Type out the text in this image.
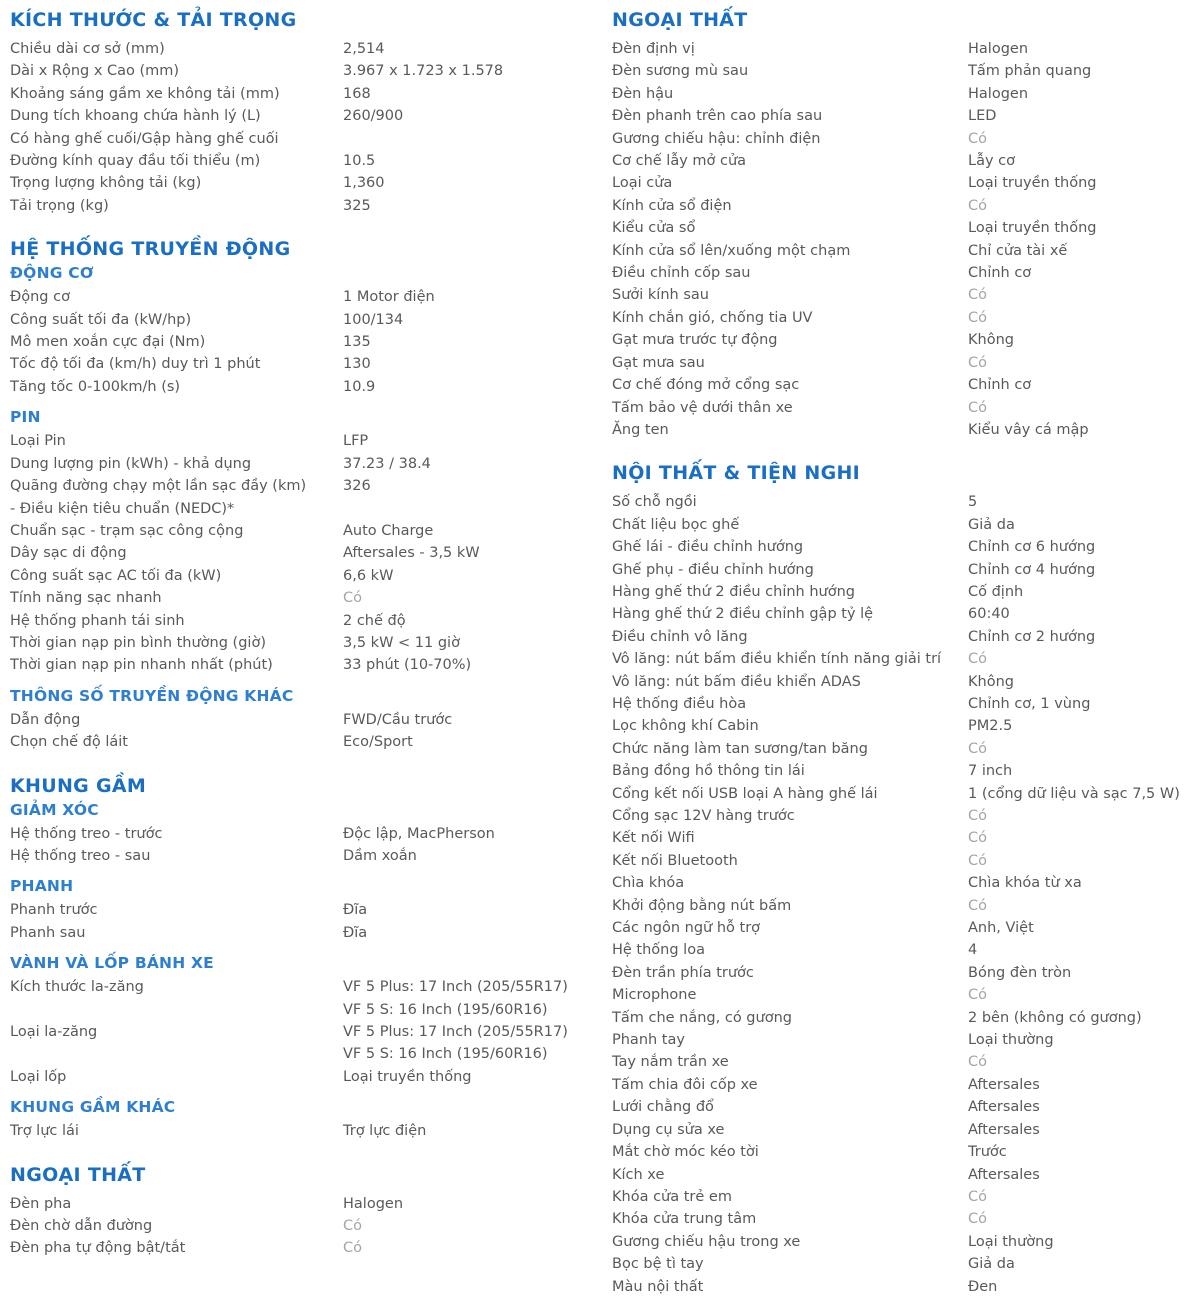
KÍCH THƯỚC & TẢI TRỌNG
Chiều dài cơ sở (mm)	2,514
Dài x Rộng x Cao (mm)	3.967 x 1.723 x 1.578
Khoảng sáng gầm xe không tải (mm)	168
Dung tích khoang chứa hành lý (L)	260/900
Có hàng ghế cuối/Gập hàng ghế cuối
Đường kính quay đầu tối thiểu (m)	10.5
Trọng lượng không tải (kg)	1,360
Tải trọng (kg)	325
HỆ THỐNG TRUYỀN ĐỘNG
ĐỘNG CƠ
Động cơ	1 Motor điện
Công suất tối đa (kW/hp)	100/134
Mô men xoắn cực đại (Nm)	135
Tốc độ tối đa (km/h) duy trì 1 phút	130
Tăng tốc 0-100km/h (s)	10.9
PIN
Loại Pin	LFP
Dung lượng pin (kWh) - khả dụng	37.23 / 38.4
Quãng đường chạy một lần sạc đầy (km)	326
- Điều kiện tiêu chuẩn (NEDC)*
Chuẩn sạc - trạm sạc công cộng	Auto Charge
Dây sạc di động	Aftersales - 3,5 kW
Công suất sạc AC tối đa (kW)	6,6 kW
Tính năng sạc nhanh	Có
Hệ thống phanh tái sinh	2 chế độ
Thời gian nạp pin bình thường (giờ)	3,5 kW < 11 giờ
Thời gian nạp pin nhanh nhất (phút)	33 phút (10-70%)
THÔNG SỐ TRUYỀN ĐỘNG KHÁC
Dẫn động	FWD/Cầu trước
Chọn chế độ láit	Eco/Sport
KHUNG GẦM
GIẢM XÓC
Hệ thống treo - trước	Độc lập, MacPherson
Hệ thống treo - sau	Dầm xoắn
PHANH
Phanh trước	Đĩa
Phanh sau	Đĩa
VÀNH VÀ LỐP BÁNH XE
Kích thước la-zăng	VF 5 Plus: 17 Inch (205/55R17)
VF 5 S: 16 Inch (195/60R16)
Loại la-zăng	VF 5 Plus: 17 Inch (205/55R17)
VF 5 S: 16 Inch (195/60R16)
Loại lốp	Loại truyền thống
KHUNG GẦM KHÁC
Trợ lực lái	Trợ lực điện
NGOẠI THẤT
Đèn pha	Halogen
Đèn chờ dẫn đường	Có
Đèn pha tự động bật/tắt	Có
NGOẠI THẤT
Đèn định vị	Halogen
Đèn sương mù sau	Tấm phản quang
Đèn hậu	Halogen
Đèn phanh trên cao phía sau	LED
Gương chiếu hậu: chỉnh điện	Có
Cơ chế lẫy mở cửa	Lẫy cơ
Loại cửa	Loại truyền thống
Kính cửa sổ điện	Có
Kiểu cửa sổ	Loại truyền thống
Kính cửa sổ lên/xuống một chạm	Chỉ cửa tài xế
Điều chỉnh cốp sau	Chỉnh cơ
Sưởi kính sau	Có
Kính chắn gió, chống tia UV	Có
Gạt mưa trước tự động	Không
Gạt mưa sau	Có
Cơ chế đóng mở cổng sạc	Chỉnh cơ
Tấm bảo vệ dưới thân xe	Có
Ăng ten	Kiểu vây cá mập
NỘI THẤT & TIỆN NGHI
Số chỗ ngồi	5
Chất liệu bọc ghế	Giả da
Ghế lái - điều chỉnh hướng	Chỉnh cơ 6 hướng
Ghế phụ - điều chỉnh hướng	Chỉnh cơ 4 hướng
Hàng ghế thứ 2 điều chỉnh hướng	Cố định
Hàng ghế thứ 2 điều chỉnh gập tỷ lệ	60:40
Điều chỉnh vô lăng	Chỉnh cơ 2 hướng
Vô lăng: nút bấm điều khiển tính năng giải trí	Có
Vô lăng: nút bấm điều khiển ADAS	Không
Hệ thống điều hòa	Chỉnh cơ, 1 vùng
Lọc không khí Cabin	PM2.5
Chức năng làm tan sương/tan băng	Có
Bảng đồng hồ thông tin lái	7 inch
Cổng kết nối USB loại A hàng ghế lái	1 (cổng dữ liệu và sạc 7,5 W)
Cổng sạc 12V hàng trước	Có
Kết nối Wifi	Có
Kết nối Bluetooth	Có
Chìa khóa	Chìa khóa từ xa
Khởi động bằng nút bấm	Có
Các ngôn ngữ hỗ trợ	Anh, Việt
Hệ thống loa	4
Đèn trần phía trước	Bóng đèn tròn
Microphone	Có
Tấm che nắng, có gương	2 bên (không có gương)
Phanh tay	Loại thường
Tay nắm trần xe	Có
Tấm chia đôi cốp xe	Aftersales
Lưới chằng đổ	Aftersales
Dụng cụ sửa xe	Aftersales
Mắt chờ móc kéo tời	Trước
Kích xe	Aftersales
Khóa cửa trẻ em	Có
Khóa cửa trung tâm	Có
Gương chiếu hậu trong xe	Loại thường
Bọc bệ tì tay	Giả da
Màu nội thất	Đen
